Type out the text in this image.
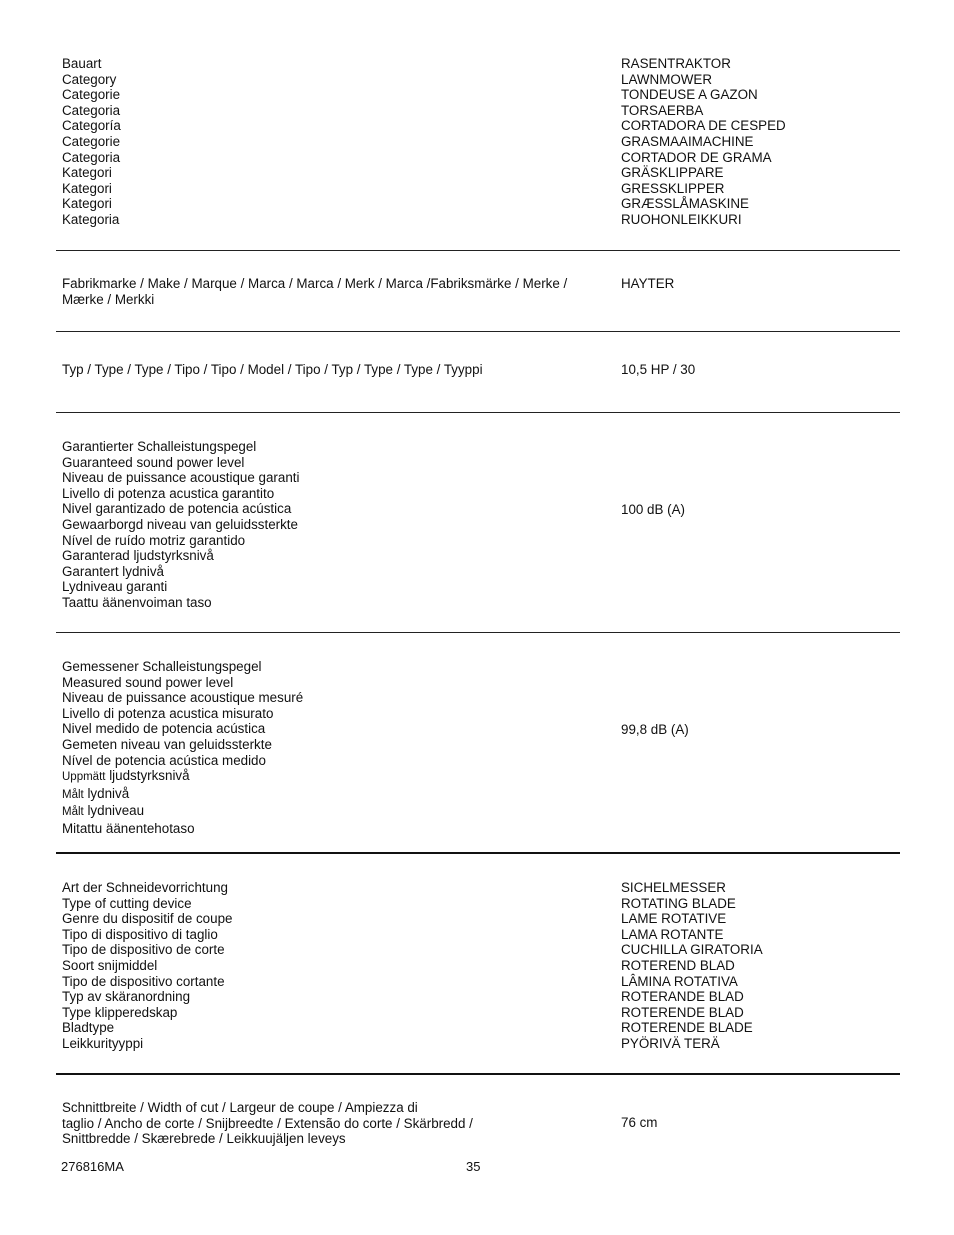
Bauart
Category
Categorie
Categoria
Categoría
Categorie
Categoria
Kategori
Kategori
Kategori
Kategoria
RASENTRAKTOR
LAWNMOWER
TONDEUSE A GAZON
TORSAERBA
CORTADORA DE CESPED
GRASMAAIMACHINE
CORTADOR DE GRAMA
GRÄSKLIPPARE
GRESSKLIPPER
GRÆSSLÅMASKINE
RUOHONLEIKKURI
Fabrikmarke / Make / Marque / Marca / Marca / Merk / Marca /Fabriksmärke / Merke / Mærke / Merkki
HAYTER
Typ / Type / Type / Tipo / Tipo / Model / Tipo / Typ / Type / Type / Tyyppi	10,5 HP / 30
Garantierter Schalleistungspegel
Guaranteed sound power level
Niveau de puissance acoustique garanti
Livello di potenza acustica garantito
Nivel garantizado de potencia acústica
Gewaarborgd niveau van geluidssterkte
Nível de ruído motriz garantido
Garanterad ljudstyrksnivå
Garantert lydnivå
Lydniveau garanti
Taattu äänenvoiman taso
100 dB (A)
Gemessener Schalleistungspegel
Measured sound power level
Niveau de puissance acoustique mesuré
Livello di potenza acustica misurato
Nivel medido de potencia acústica
Gemeten niveau van geluidssterkte
Nível de potencia acústica medido
Uppmätt ljudstyrksnivå
Målt lydnivå
Målt lydniveau
Mitattu äänentehotaso
99,8 dB (A)
Art der Schneidevorrichtung
Type of cutting device
Genre du dispositif de coupe
Tipo di dispositivo di taglio
Tipo de dispositivo de corte
Soort snijmiddel
Tipo de dispositivo cortante
Typ av skäranordning
Type klipperedskap
Bladtype
Leikkurityyppi
SICHELMESSER
ROTATING BLADE
LAME ROTATIVE
LAMA ROTANTE
CUCHILLA GIRATORIA
ROTEREND BLAD
LÂMINA ROTATIVA
ROTERANDE BLAD
ROTERENDE BLAD
ROTERENDE BLADE
PYÖRIVÄ TERÄ
Schnittbreite / Width of cut / Largeur de coupe / Ampiezza di
taglio / Ancho de corte / Snijbreedte / Extensão do corte / Skärbredd /
Snittbredde / Skærebrede / Leikkuujäljen leveys
76 cm
276816MA	35
